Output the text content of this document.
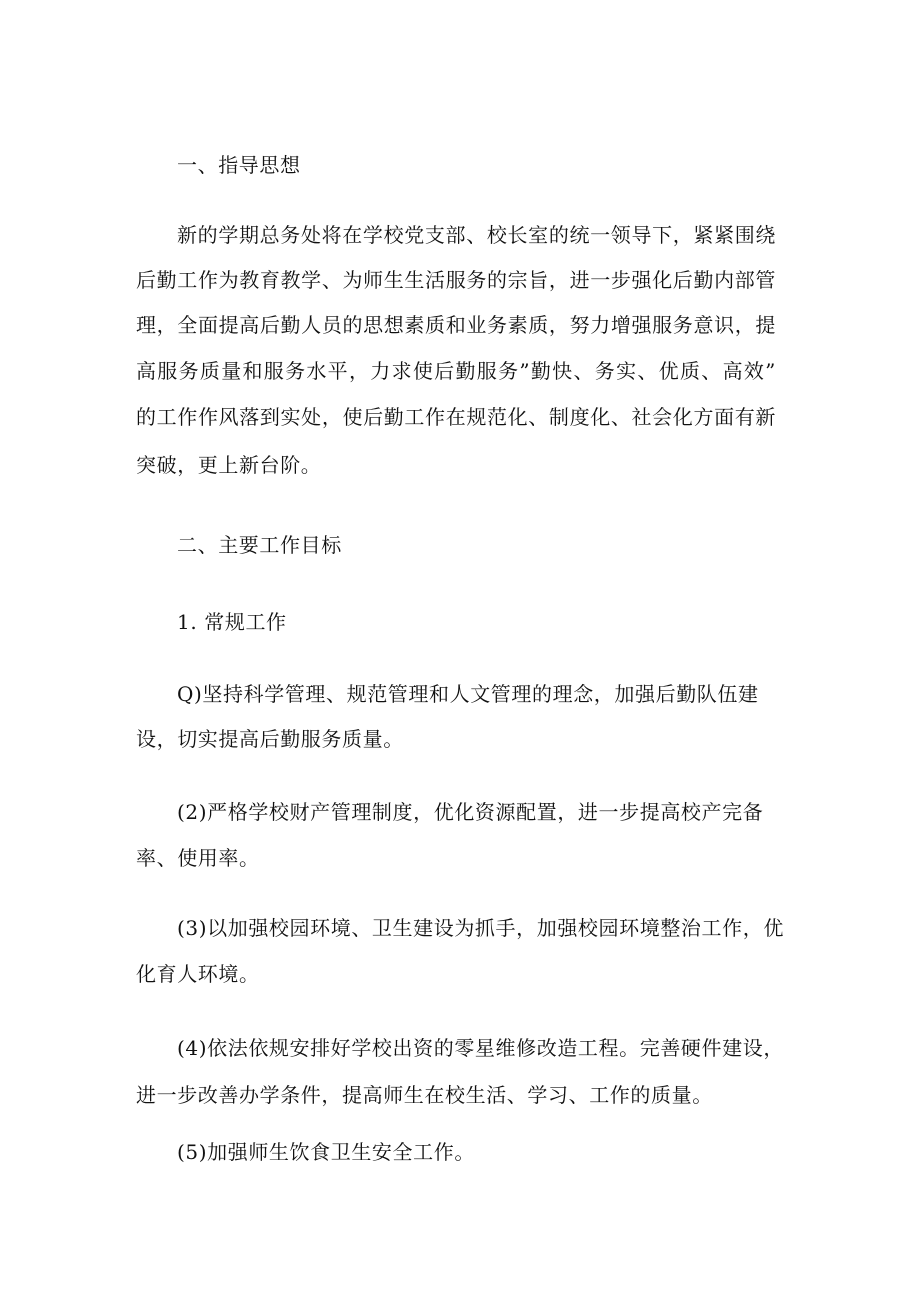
一、指导思想
新的学期总务处将在学校党支部、校长室的统一领导下，紧紧围绕
后勤工作为教育教学、为师生生活服务的宗旨，进一步强化后勤内部管
理，全面提高后勤人员的思想素质和业务素质，努力增强服务意识，提
高服务质量和服务水平，力求使后勤服务”勤快、务实、优质、高效”
的工作作风落到实处，使后勤工作在规范化、制度化、社会化方面有新
突破，更上新台阶。
二、主要工作目标
1. 常规工作
Q)坚持科学管理、规范管理和人文管理的理念，加强后勤队伍建
设，切实提高后勤服务质量。
(2)严格学校财产管理制度，优化资源配置，进一步提高校产完备
率、使用率。
(3)以加强校园环境、卫生建设为抓手，加强校园环境整治工作，优
化育人环境。
(4)依法依规安排好学校出资的零星维修改造工程。完善硬件建设，
进一步改善办学条件，提高师生在校生活、学习、工作的质量。
(5)加强师生饮食卫生安全工作。
